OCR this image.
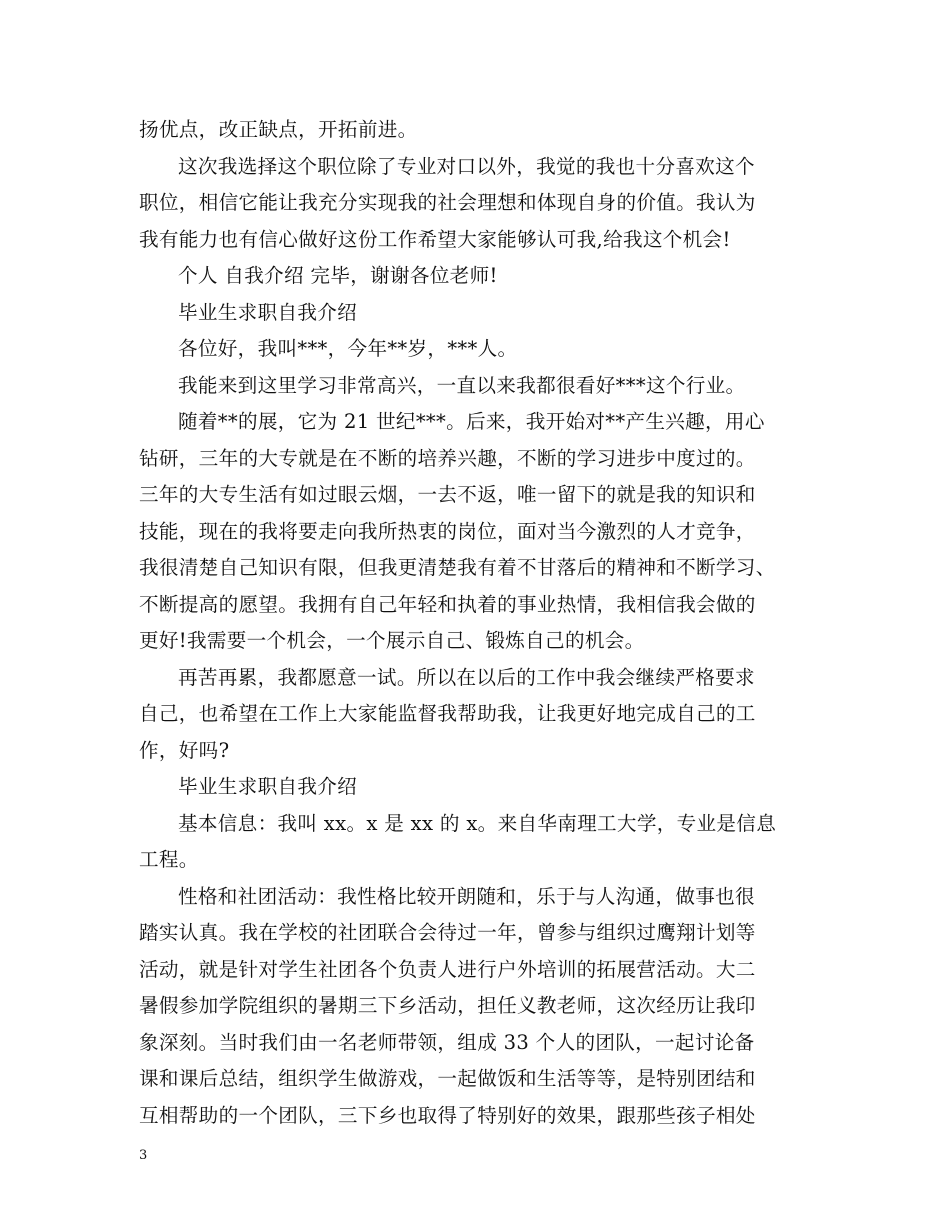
扬优点，改正缺点，开拓前进。

这次我选择这个职位除了专业对口以外，我觉的我也十分喜欢这个
职位，相信它能让我充分实现我的社会理想和体现自身的价值。我认为
我有能力也有信心做好这份工作希望大家能够认可我,给我这个机会!

个人 自我介绍 完毕，谢谢各位老师!

毕业生求职自我介绍

各位好，我叫***，今年**岁，***人。

我能来到这里学习非常高兴，一直以来我都很看好***这个行业。

随着**的展，它为 21 世纪***。后来，我开始对**产生兴趣，用心
钻研，三年的大专就是在不断的培养兴趣，不断的学习进步中度过的。
三年的大专生活有如过眼云烟，一去不返，唯一留下的就是我的知识和
技能，现在的我将要走向我所热衷的岗位，面对当今激烈的人才竞争，
我很清楚自己知识有限，但我更清楚我有着不甘落后的精神和不断学习、
不断提高的愿望。我拥有自己年轻和执着的事业热情，我相信我会做的
更好!我需要一个机会，一个展示自己、锻炼自己的机会。

再苦再累，我都愿意一试。所以在以后的工作中我会继续严格要求
自己，也希望在工作上大家能监督我帮助我，让我更好地完成自己的工
作，好吗?

毕业生求职自我介绍

基本信息：我叫 xx。x 是 xx 的 x。来自华南理工大学，专业是信息
工程。

性格和社团活动：我性格比较开朗随和，乐于与人沟通，做事也很
踏实认真。我在学校的社团联合会待过一年，曾参与组织过鹰翔计划等
活动，就是针对学生社团各个负责人进行户外培训的拓展营活动。大二
暑假参加学院组织的暑期三下乡活动，担任义教老师，这次经历让我印
象深刻。当时我们由一名老师带领，组成 33 个人的团队，一起讨论备
课和课后总结，组织学生做游戏，一起做饭和生活等等，是特别团结和
互相帮助的一个团队，三下乡也取得了特别好的效果，跟那些孩子相处

3
